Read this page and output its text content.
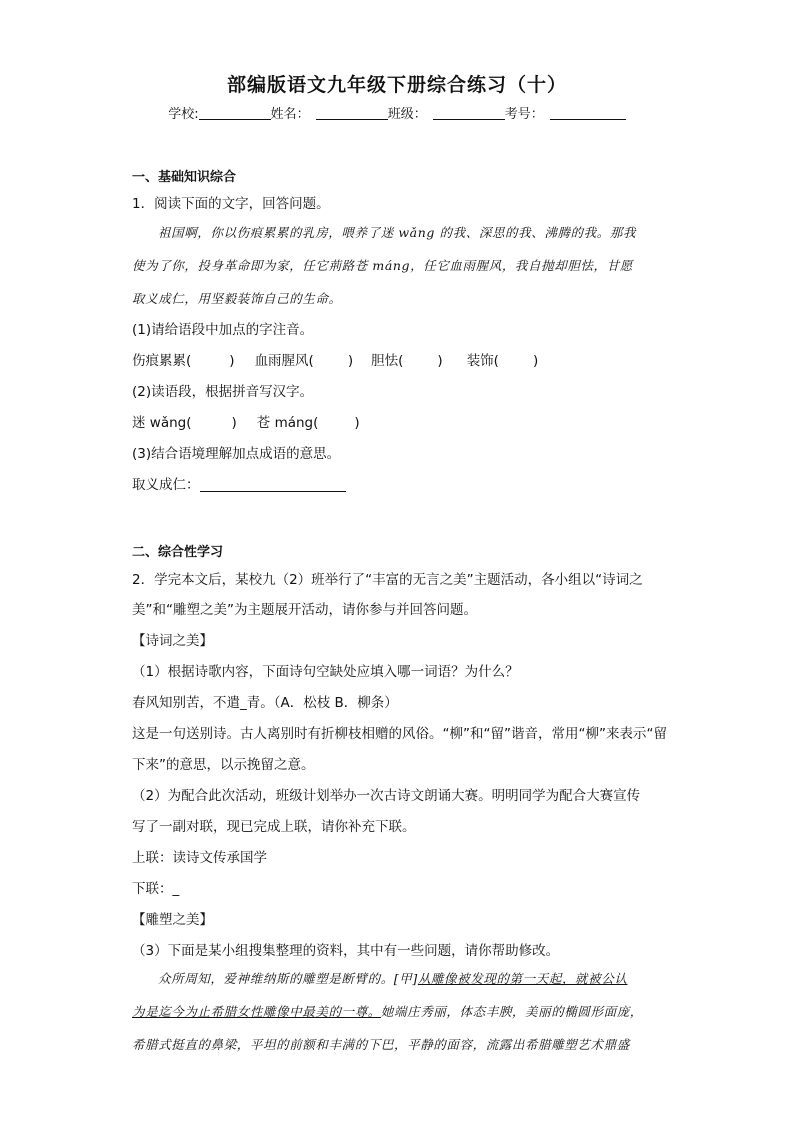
部编版语文九年级下册综合练习（十）
学校:	姓名：	班级：	考号：
一、基础知识综合
1．阅读下面的文字，回答问题。
祖国啊，你以伤痕累累的乳房，喂养了迷 wǎng 的我、深思的我、沸腾的我。那我
使为了你，投身革命即为家，任它荊路苍 máng，任它血雨腥风，我自抛却胆怯，甘愿
取义成仁，用坚毅装饰自己的生命。
(1)请给语段中加点的字注音。
伤痕累累(	) 血雨腥风(	) 胆怯(	) 装饰(	)
(2)读语段，根据拼音写汉字。
迷 wǎng(	) 苍 máng(	)
(3)结合语境理解加点成语的意思。
取义成仁：
二、综合性学习
2．学完本文后，某校九（2）班举行了“丰富的无言之美”主题活动，各小组以“诗词之
美”和“雕塑之美”为主题展开活动，请你参与并回答问题。
【诗词之美】
（1）根据诗歌内容，下面诗句空缺处应填入哪一词语？为什么？
春风知别苦，不遣_青。（A．松枝 B．柳条）
这是一句送别诗。古人离别时有折柳枝相赠的风俗。“柳”和“留”谐音，常用“柳”来表示“留
下来”的意思，以示挽留之意。
（2）为配合此次活动，班级计划举办一次古诗文朗诵大赛。明明同学为配合大赛宣传
写了一副对联，现已完成上联，请你补充下联。
上联：读诗文传承国学
下联：_
【雕塑之美】
（3）下面是某小组搜集整理的资料，其中有一些问题，请你帮助修改。
众所周知，爱神维纳斯的雕塑是断臂的。[甲]从雕像被发现的第一天起，就被公认
为是迄今为止希腊女性雕像中最美的一尊。她端庄秀丽，体态丰腴，美丽的椭圆形面庞，
希腊式挺直的鼻梁，平坦的前额和丰满的下巴，平静的面容，流露出希腊雕塑艺术鼎盛
